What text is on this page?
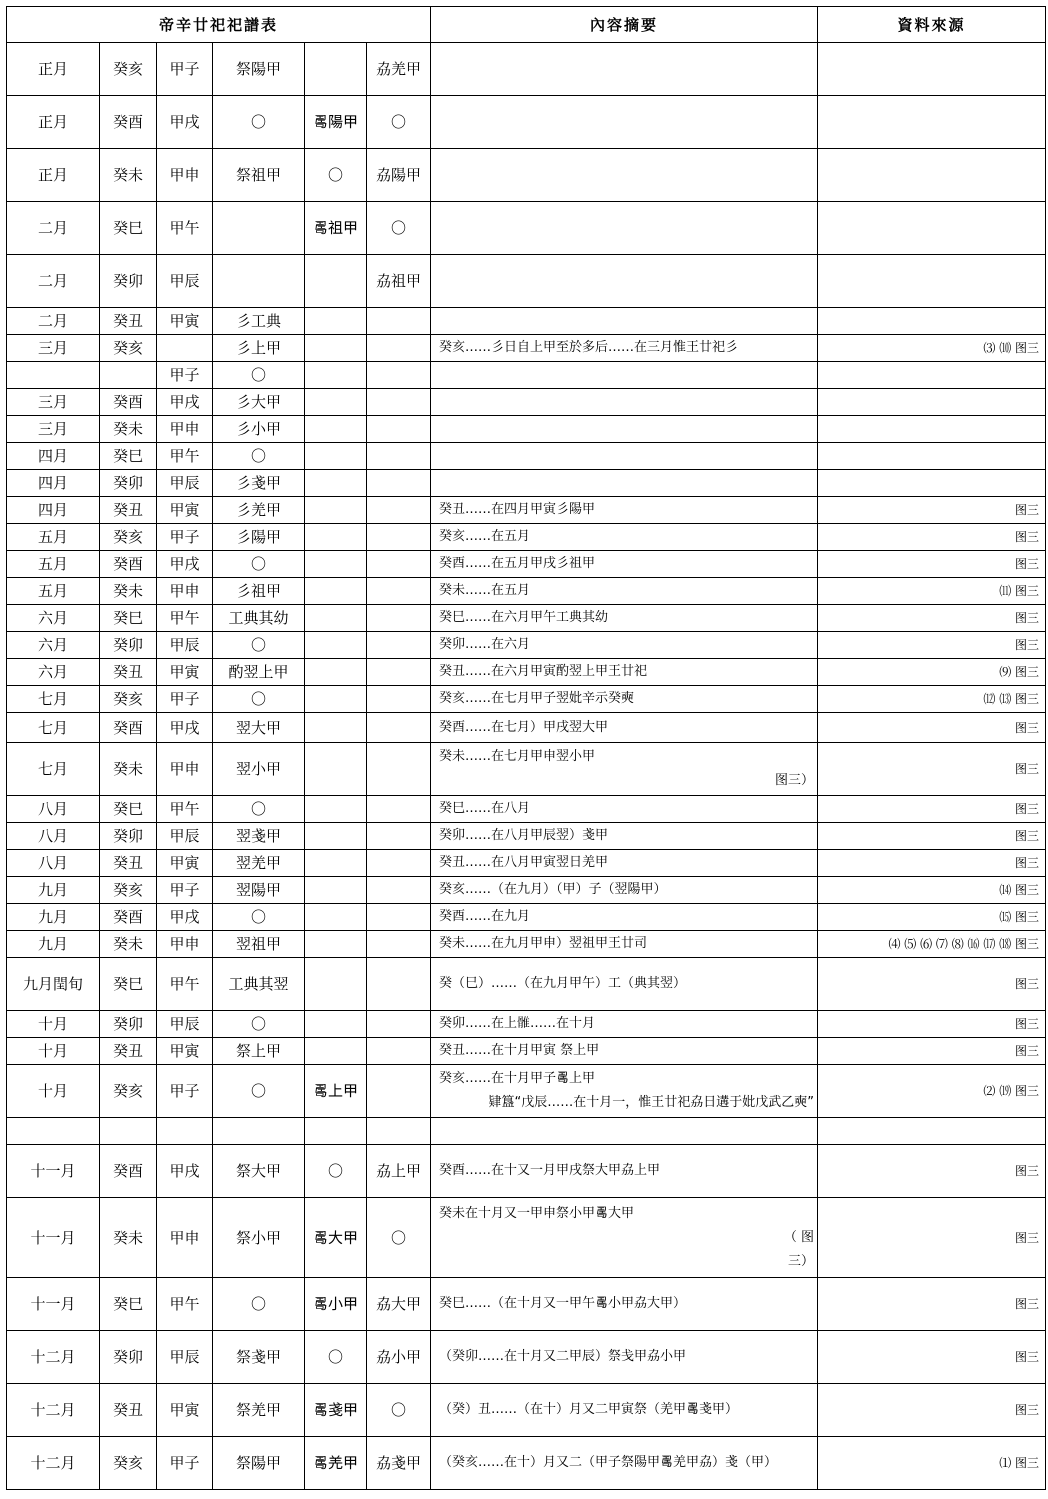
帝辛廿祀祀譜表						內容摘要	資料來源
正月	癸亥	甲子	祭陽甲		劦羌甲	

正月	癸酉	甲戌	〇	𠷎陽甲	〇	

正月	癸未	甲申	祭祖甲	〇	劦陽甲	

二月	癸巳	甲午		𠷎祖甲	〇	

二月	癸卯	甲辰			劦祖甲	

二月	癸丑	甲寅	彡工典			

三月	癸亥		彡上甲			癸亥……彡日自上甲至於多后……在三月惟王廿祀彡	⑶ ⑽ 图三
		甲子	〇			

三月	癸酉	甲戌	彡大甲			

三月	癸未	甲申	彡小甲			

四月	癸巳	甲午	〇			

四月	癸卯	甲辰	彡戔甲			

四月	癸丑	甲寅	彡羌甲			癸丑……在四月甲寅彡陽甲	图三
五月	癸亥	甲子	彡陽甲			癸亥……在五月	图三
五月	癸酉	甲戌	〇			癸酉……在五月甲戌彡祖甲	图三
五月	癸未	甲申	彡祖甲			癸未……在五月	⑾ 图三
六月	癸巳	甲午	工典其幼			癸巳……在六月甲午工典其幼	图三
六月	癸卯	甲辰	〇			癸卯……在六月	图三
六月	癸丑	甲寅	酌翌上甲			癸丑……在六月甲寅酌翌上甲王廿祀	⑼ 图三
七月	癸亥	甲子	〇			癸亥……在七月甲子翌妣辛示癸奭	⑿ ⒀ 图三
七月	癸酉	甲戌	翌大甲			癸酉……在七月）甲戌翌大甲	图三
七月	癸未	甲申	翌小甲			癸未……在七月甲申翌小甲
图三）	图三
八月	癸巳	甲午	〇			癸巳……在八月	图三
八月	癸卯	甲辰	翌戔甲			癸卯……在八月甲辰翌）戔甲	图三
八月	癸丑	甲寅	翌羌甲			癸丑……在八月甲寅翌日羌甲	图三
九月	癸亥	甲子	翌陽甲			癸亥……（在九月）（甲）子（翌陽甲）	⒁ 图三
九月	癸酉	甲戌	〇			癸酉……在九月	⒂ 图三
九月	癸未	甲申	翌祖甲			癸未……在九月甲申）翌祖甲王廿司	⑷ ⑸ ⑹ ⑺ ⑻ ⒃ ⒄ ⒅ 图三
九月閏旬	癸巳	甲午	工典其翌			癸（巳）……（在九月甲午）工（典其翌）	图三
十月	癸卯	甲辰	〇			癸卯……在上𩀜……在十月	图三
十月	癸丑	甲寅	祭上甲			癸丑……在十月甲寅 祭上甲	图三
十月	癸亥	甲子	〇	𠷎上甲		癸亥……在十月甲子𠷎上甲
肄簋“戊辰……在十月一，惟王廿祀劦日遘于妣戊武乙奭”	⑵ ⒆ 图三

十一月	癸酉	甲戌	祭大甲	〇	劦上甲	癸酉……在十又一月甲戌祭大甲劦上甲	图三
十一月	癸未	甲申	祭小甲	𠷎大甲	〇	癸未在十月又一甲申祭小甲𠷎大甲
（ 图
三）	图三
十一月	癸巳	甲午	〇	𠷎小甲	劦大甲	癸巳……（在十月又一甲午𠷎小甲劦大甲）	图三
十二月	癸卯	甲辰	祭戔甲	〇	劦小甲	（癸卯……在十月又二甲辰）祭戋甲劦小甲	图三
十二月	癸丑	甲寅	祭羌甲	𠷎戔甲	〇	（癸）丑……（在十）月又二甲寅祭（羌甲𠷎戔甲）	图三
十二月	癸亥	甲子	祭陽甲	𠷎羌甲	劦戔甲	（癸亥……在十）月又二（甲子祭陽甲𠷎羌甲劦）戔（甲）	⑴ 图三
